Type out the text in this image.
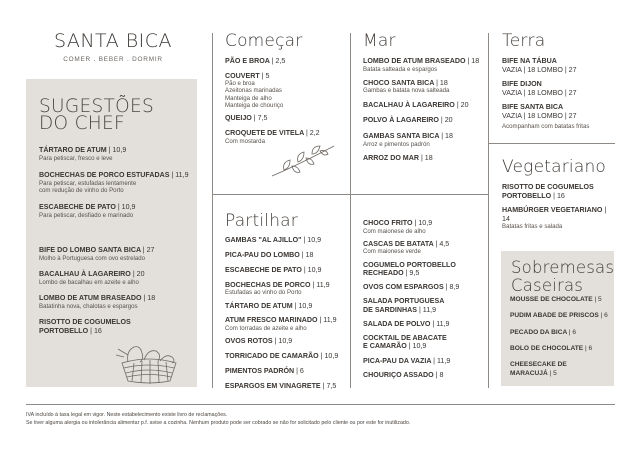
SANTA BICA
COMER . BEBER . DORMIR
SUGESTÕES
DO CHEF
TÁRTARO DE ATUM | 10,9
Para petiscar, fresco e leve
BOCHECHAS DE PORCO ESTUFADAS | 11,9
Para petiscar, estufadas lentamente
com redução de vinho do Porto
ESCABECHE DE PATO | 10,9
Para petiscar, desfiado e marinado
BIFE DO LOMBO SANTA BICA | 27
Molho à Portuguesa com ovo estrelado
BACALHAU À LAGAREIRO | 20
Lombo de bacalhau em azeite e alho
LOMBO DE ATUM BRASEADO | 18
Batatinha nova, chalotas e espargos
RISOTTO DE COGUMELOS
PORTOBELLO | 16
Começar
PÃO E BROA | 2,5
COUVERT | 5
Pão e broa
Azeitonas marinadas
Manteiga de alho
Manteiga de chouriço
QUEIJO | 7,5
CROQUETE DE VITELA | 2,2
Com mostarda
Mar
LOMBO DE ATUM BRASEADO | 18
Batata salteada e espargos
CHOCO SANTA BICA | 18
Gambas e batata nova salteada
BACALHAU À LAGAREIRO | 20
POLVO À LAGAREIRO | 20
GAMBAS SANTA BICA | 18
Arroz e pimentos padrón
ARROZ DO MAR | 18
Terra
BIFE NA TÁBUA
VAZIA | 18 LOMBO | 27
BIFE DIJON
VAZIA | 18 LOMBO | 27
BIFE SANTA BICA
VAZIA | 18 LOMBO | 27
Acompanham com batatas fritas
Vegetariano
RISOTTO DE COGUMELOS
PORTOBELLO | 16
HAMBÚRGER VEGETARIANO | 14
Batatas fritas e salada
Partilhar
GAMBAS "AL AJILLO" | 10,9
PICA-PAU DO LOMBO | 18
ESCABECHE DE PATO | 10,9
BOCHECHAS DE PORCO | 11,9
Estufadas ao vinho do Porto
TÁRTARO DE ATUM | 10,9
ATUM FRESCO MARINADO | 11,9
Com torradas de azeite e alho
OVOS ROTOS | 10,9
TORRICADO DE CAMARÃO | 10,9
PIMENTOS PADRÓN | 6
ESPARGOS EM VINAGRETE | 7,5
CHOCO FRITO | 10,9
Com maionese de alho
CASCAS DE BATATA | 4,5
Com maionese verde
COGUMELO PORTOBELLO
RECHEADO | 9,5
OVOS COM ESPARGOS | 8,9
SALADA PORTUGUESA
DE SARDINHAS | 11,9
SALADA DE POLVO | 11,9
COCKTAIL DE ABACATE
E CAMARÃO | 10,9
PICA-PAU DA VAZIA | 11,9
CHOURIÇO ASSADO | 8
Sobremesas
Caseiras
MOUSSE DE CHOCOLATE | 5
PUDIM ABADE DE PRISCOS | 6
PECADO DA BICA | 6
BOLO DE CHOCOLATE | 6
CHEESECAKE DE
MARACUJÁ | 5
IVA incluído à taxa legal em vigor. Neste estabelecimento existe livro de reclamações.
Se tiver alguma alergia ou intolerância alimentar p.f. avise a cozinha. Nenhum produto pode ser cobrado se não for solicitado pelo cliente ou por este for inutilizado.
